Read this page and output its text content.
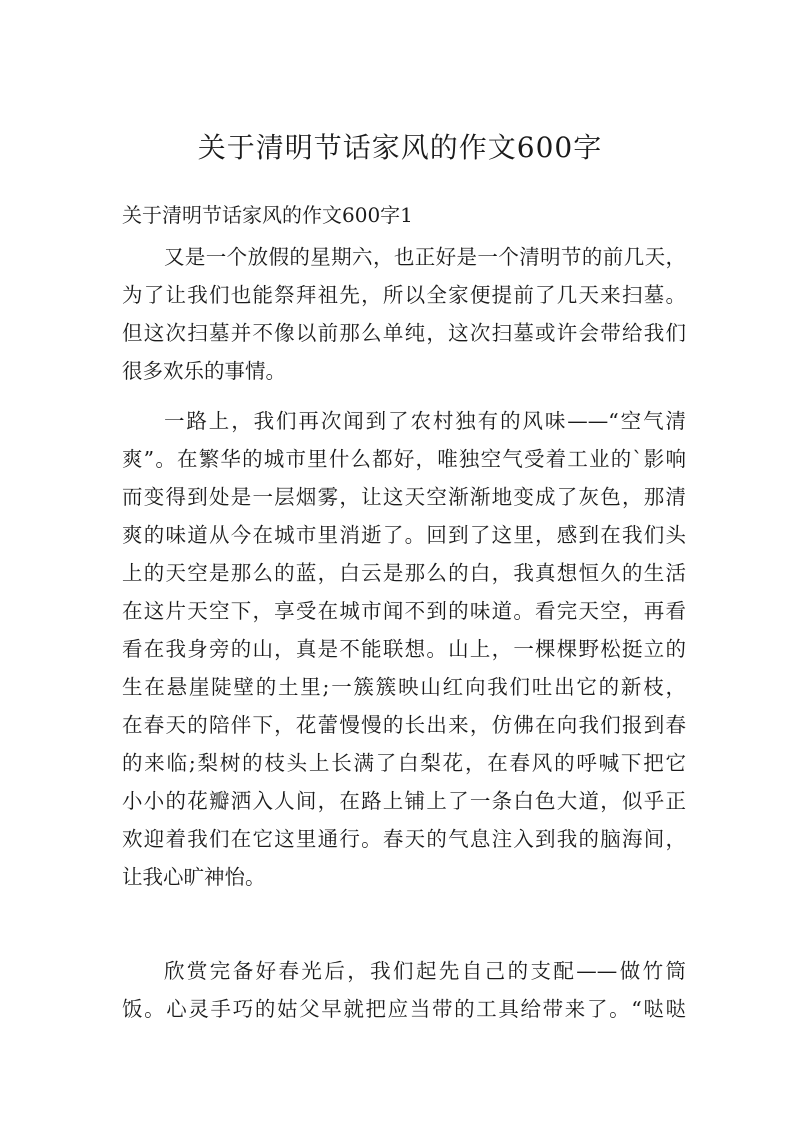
关于清明节话家风的作文600字
关于清明节话家风的作文600字1
又是一个放假的星期六，也正好是一个清明节的前几天，
为了让我们也能祭拜祖先，所以全家便提前了几天来扫墓。
但这次扫墓并不像以前那么单纯，这次扫墓或许会带给我们
很多欢乐的事情。
一路上，我们再次闻到了农村独有的风味——“空气清
爽”。在繁华的城市里什么都好，唯独空气受着工业的`影响
而变得到处是一层烟雾，让这天空渐渐地变成了灰色，那清
爽的味道从今在城市里消逝了。回到了这里，感到在我们头
上的天空是那么的蓝，白云是那么的白，我真想恒久的生活
在这片天空下，享受在城市闻不到的味道。看完天空，再看
看在我身旁的山，真是不能联想。山上，一棵棵野松挺立的
生在悬崖陡壁的土里;一簇簇映山红向我们吐出它的新枝，
在春天的陪伴下，花蕾慢慢的长出来，仿佛在向我们报到春
的来临;梨树的枝头上长满了白梨花，在春风的呼喊下把它
小小的花瓣洒入人间，在路上铺上了一条白色大道，似乎正
欢迎着我们在它这里通行。春天的气息注入到我的脑海间，
让我心旷神怡。
欣赏完备好春光后，我们起先自己的支配——做竹筒
饭。心灵手巧的姑父早就把应当带的工具给带来了。“哒哒
